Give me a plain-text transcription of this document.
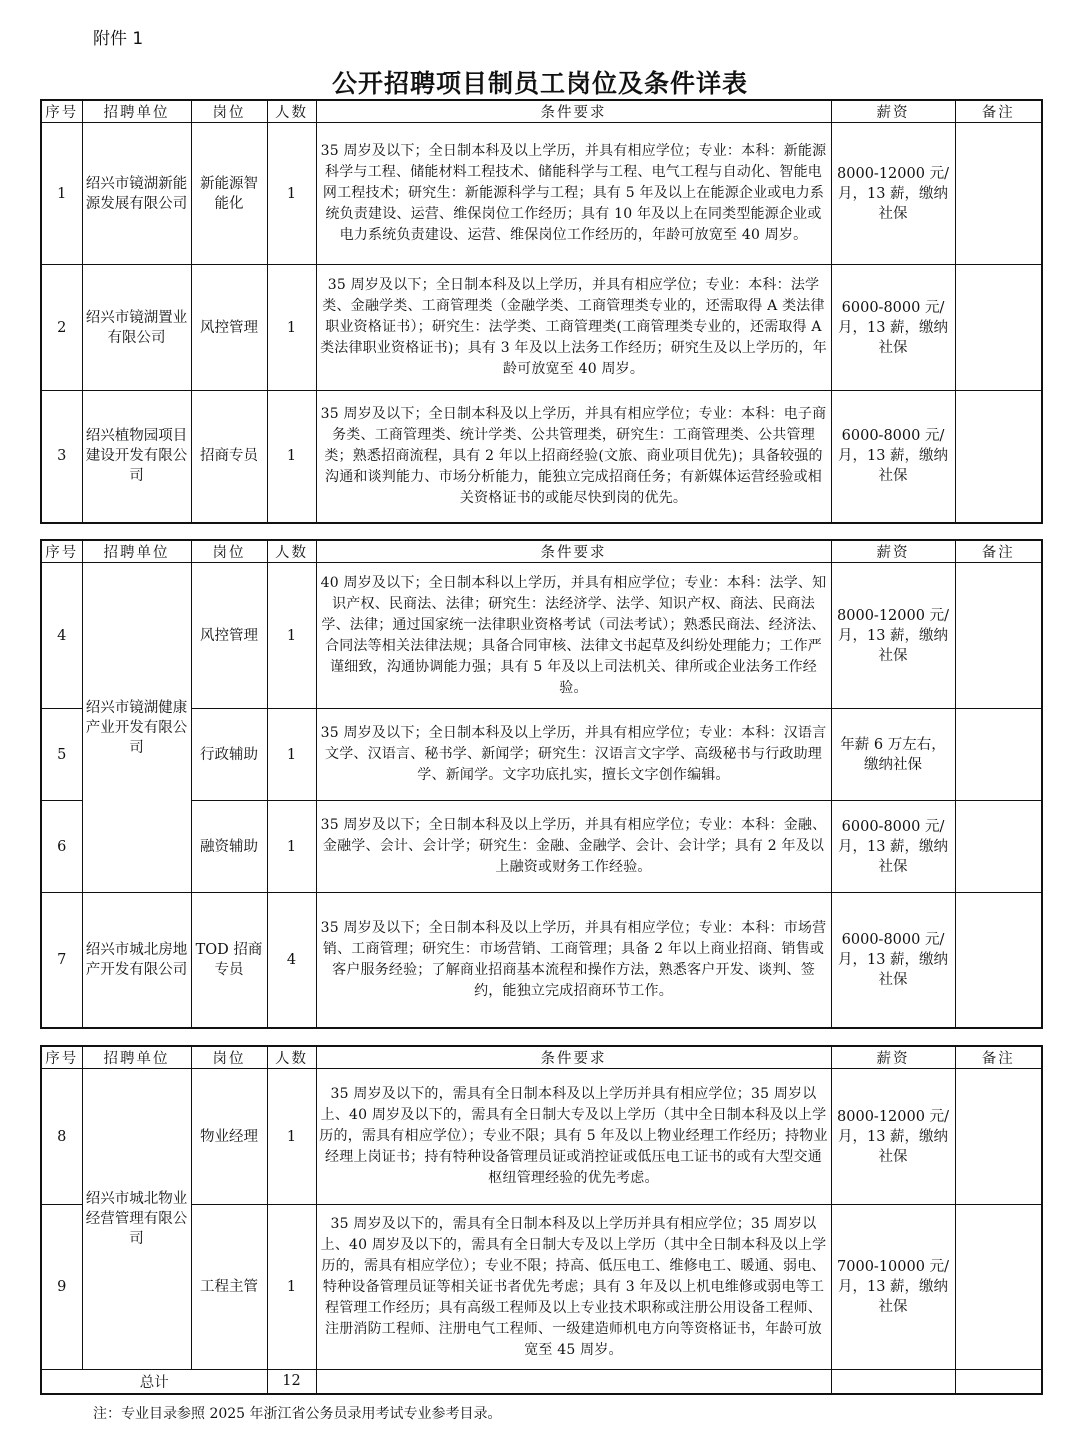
附件 1
公开招聘项目制员工岗位及条件详表
序号	招聘单位	岗位	人数	条件要求	薪资	备注
1	绍兴市镜湖新能源发展有限公司	新能源智能化	1	35 周岁及以下；全日制本科及以上学历，并具有相应学位；专业：本科：新能源科学与工程、储能材料工程技术、储能科学与工程、电气工程与自动化、智能电网工程技术；研究生：新能源科学与工程；具有 5 年及以上在能源企业或电力系统负责建设、运营、维保岗位工作经历；具有 10 年及以上在同类型能源企业或电力系统负责建设、运营、维保岗位工作经历的，年龄可放宽至 40 周岁。	8000-12000 元/月，13 薪，缴纳社保	
2	绍兴市镜湖置业有限公司	风控管理	1	35 周岁及以下；全日制本科及以上学历，并具有相应学位；专业：本科：法学类、金融学类、工商管理类（金融学类、工商管理类专业的，还需取得 A 类法律职业资格证书）；研究生：法学类、工商管理类(工商管理类专业的，还需取得 A 类法律职业资格证书)；具有 3 年及以上法务工作经历；研究生及以上学历的，年龄可放宽至 40 周岁。	6000-8000 元/月，13 薪，缴纳社保	
3	绍兴植物园项目建设开发有限公司	招商专员	1	35 周岁及以下；全日制本科及以上学历，并具有相应学位；专业：本科：电子商务类、工商管理类、统计学类、公共管理类，研究生：工商管理类、公共管理类；熟悉招商流程，具有 2 年以上招商经验(文旅、商业项目优先)；具备较强的沟通和谈判能力、市场分析能力，能独立完成招商任务；有新媒体运营经验或相关资格证书的或能尽快到岗的优先。	6000-8000 元/月，13 薪，缴纳社保	
序号	招聘单位	岗位	人数	条件要求	薪资	备注
4	绍兴市镜湖健康产业开发有限公司	风控管理	1	40 周岁及以下；全日制本科以上学历，并具有相应学位；专业：本科：法学、知识产权、民商法、法律；研究生：法经济学、法学、知识产权、商法、民商法学、法律；通过国家统一法律职业资格考试（司法考试）；熟悉民商法、经济法、合同法等相关法律法规；具备合同审核、法律文书起草及纠纷处理能力；工作严谨细致，沟通协调能力强；具有 5 年及以上司法机关、律所或企业法务工作经验。	8000-12000 元/月，13 薪，缴纳社保	
5		行政辅助	1	35 周岁及以下；全日制本科及以上学历，并具有相应学位；专业：本科：汉语言文学、汉语言、秘书学、新闻学；研究生：汉语言文字学、高级秘书与行政助理学、新闻学。文字功底扎实，擅长文字创作编辑。	年薪 6 万左右，缴纳社保	
6		融资辅助	1	35 周岁及以下；全日制本科及以上学历，并具有相应学位；专业：本科：金融、金融学、会计、会计学；研究生：金融、金融学、会计、会计学；具有 2 年及以上融资或财务工作经验。	6000-8000 元/月，13 薪，缴纳社保	
7	绍兴市城北房地产开发有限公司	TOD 招商专员	4	35 周岁及以下；全日制本科及以上学历，并具有相应学位；专业：本科：市场营销、工商管理；研究生：市场营销、工商管理；具备 2 年以上商业招商、销售或客户服务经验；了解商业招商基本流程和操作方法，熟悉客户开发、谈判、签约，能独立完成招商环节工作。	6000-8000 元/月，13 薪，缴纳社保	
序号	招聘单位	岗位	人数	条件要求	薪资	备注
8	绍兴市城北物业经营管理有限公司	物业经理	1	35 周岁及以下的，需具有全日制本科及以上学历并具有相应学位；35 周岁以上、40 周岁及以下的，需具有全日制大专及以上学历（其中全日制本科及以上学历的，需具有相应学位）；专业不限；具有 5 年及以上物业经理工作经历；持物业经理上岗证书；持有特种设备管理员证或消控证或低压电工证书的或有大型交通枢纽管理经验的优先考虑。	8000-12000 元/月，13 薪，缴纳社保	
9		工程主管	1	35 周岁及以下的，需具有全日制本科及以上学历并具有相应学位；35 周岁以上、40 周岁及以下的，需具有全日制大专及以上学历（其中全日制本科及以上学历的，需具有相应学位）；专业不限；持高、低压电工、维修电工、暖通、弱电、特种设备管理员证等相关证书者优先考虑；具有 3 年及以上机电维修或弱电等工程管理工作经历；具有高级工程师及以上专业技术职称或注册公用设备工程师、注册消防工程师、注册电气工程师、一级建造师机电方向等资格证书，年龄可放宽至 45 周岁。	7000-10000 元/月，13 薪，缴纳社保	
总计			12			
注：专业目录参照 2025 年浙江省公务员录用考试专业参考目录。
